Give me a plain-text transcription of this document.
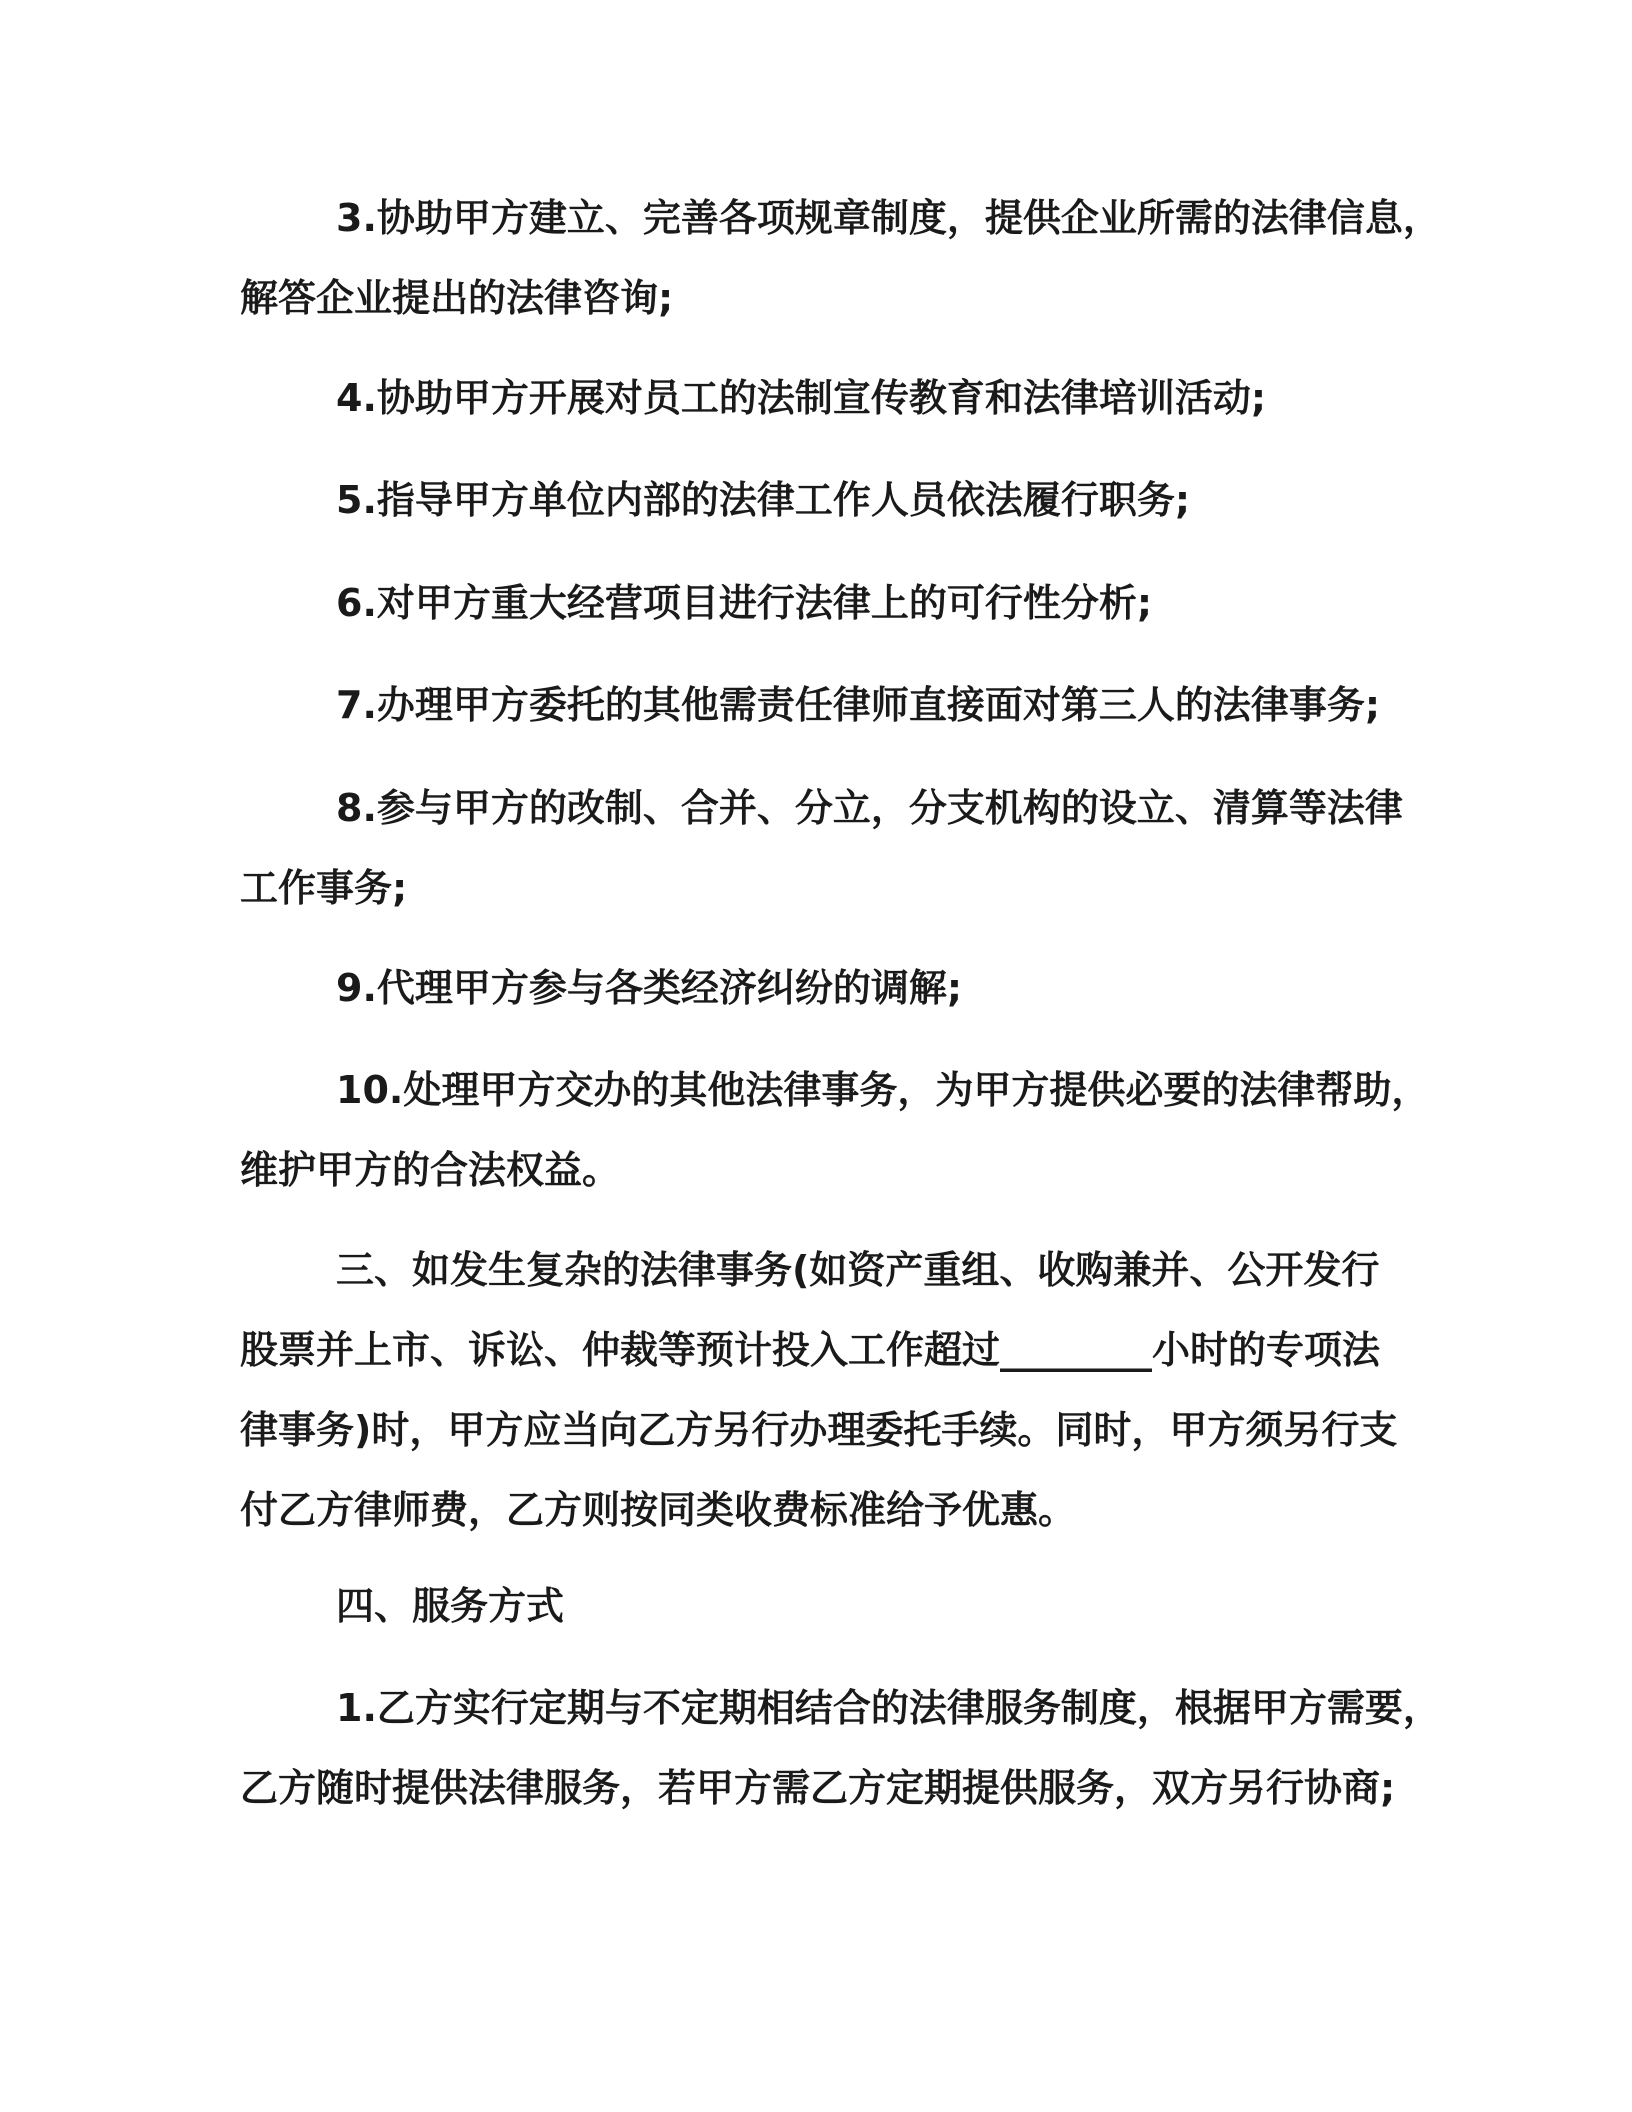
3.协助甲方建立、完善各项规章制度，提供企业所需的法律信息，
解答企业提出的法律咨询;
4.协助甲方开展对员工的法制宣传教育和法律培训活动;
5.指导甲方单位内部的法律工作人员依法履行职务;
6.对甲方重大经营项目进行法律上的可行性分析;
7.办理甲方委托的其他需责任律师直接面对第三人的法律事务;
8.参与甲方的改制、合并、分立，分支机构的设立、清算等法律
工作事务;
9.代理甲方参与各类经济纠纷的调解;
10.处理甲方交办的其他法律事务，为甲方提供必要的法律帮助，
维护甲方的合法权益。
三、如发生复杂的法律事务(如资产重组、收购兼并、公开发行
股票并上市、诉讼、仲裁等预计投入工作超过________小时的专项法
律事务)时，甲方应当向乙方另行办理委托手续。同时，甲方须另行支
付乙方律师费，乙方则按同类收费标准给予优惠。
四、服务方式
1.乙方实行定期与不定期相结合的法律服务制度，根据甲方需要，
乙方随时提供法律服务，若甲方需乙方定期提供服务，双方另行协商;
